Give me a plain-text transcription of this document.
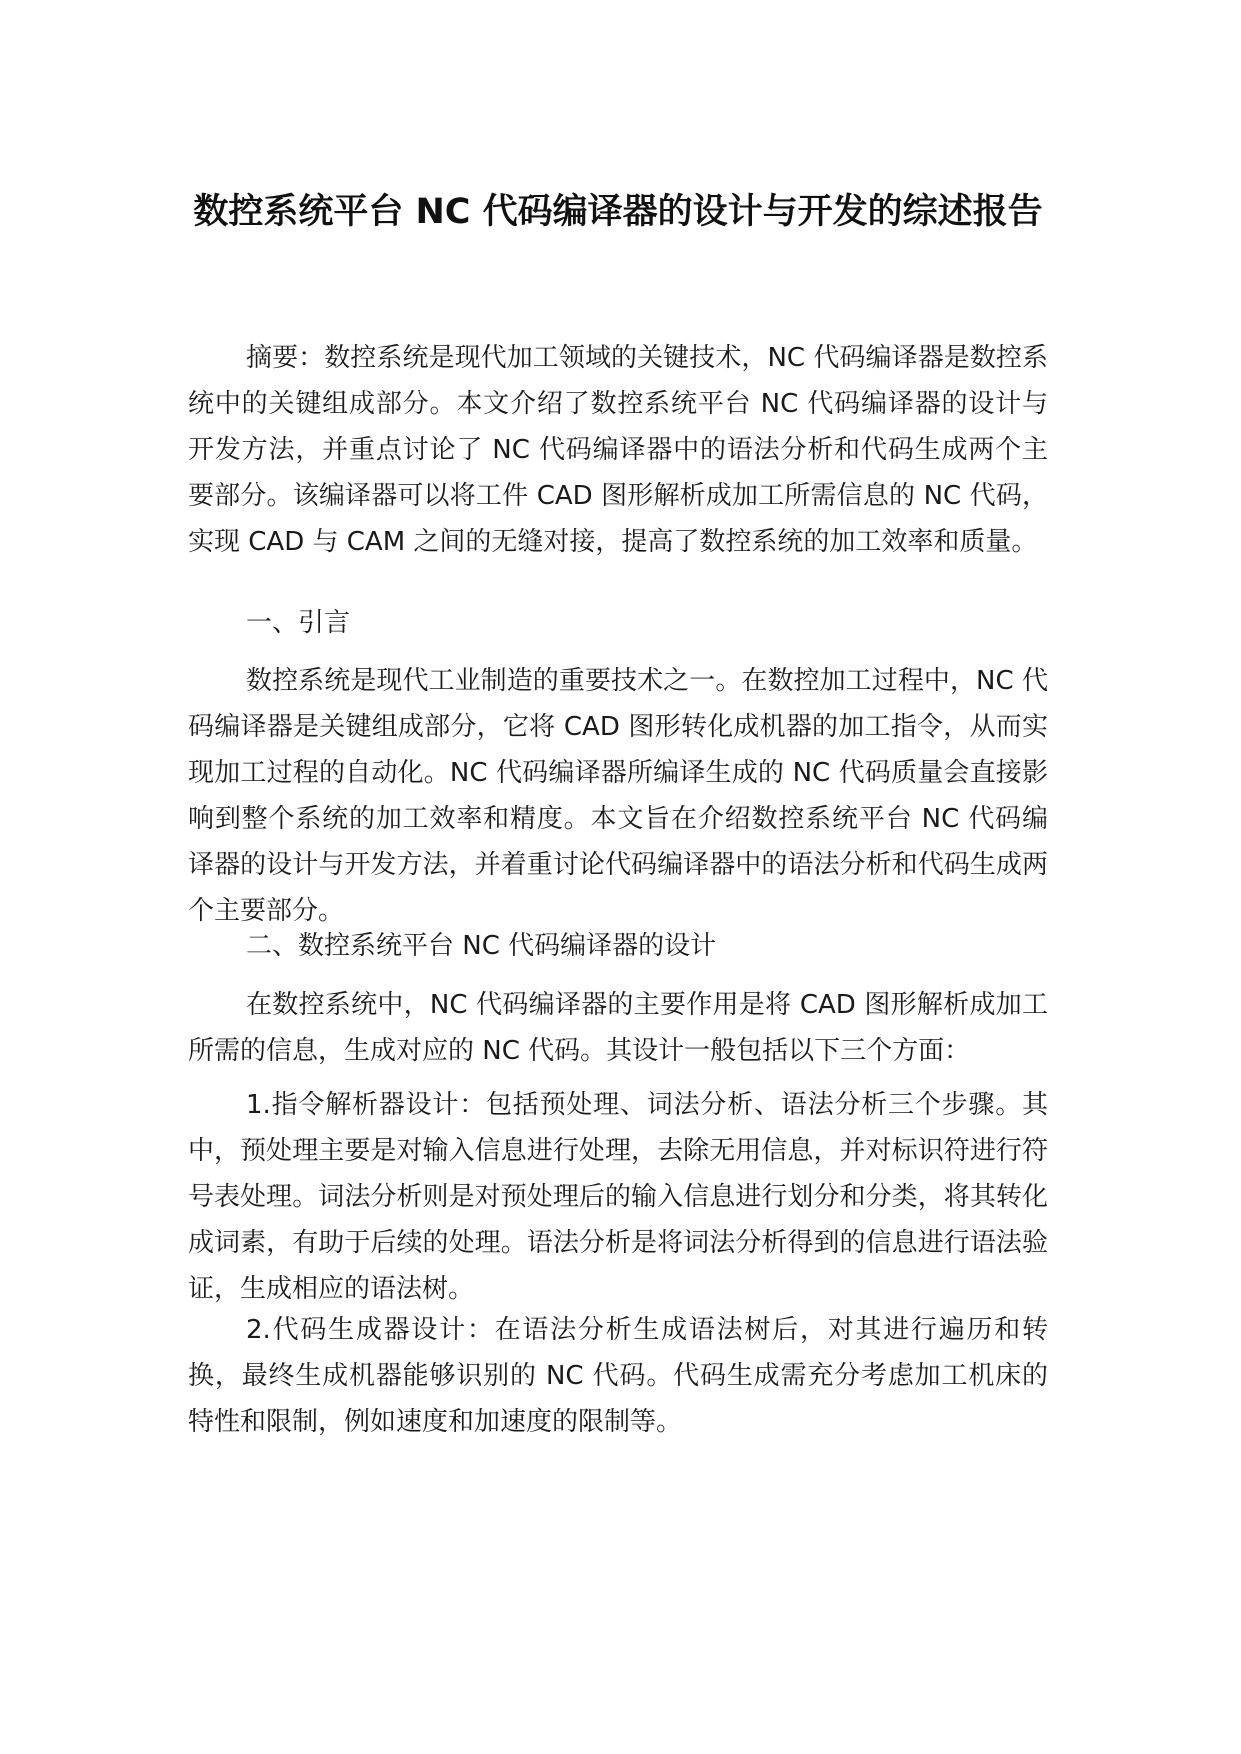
数控系统平台 NC 代码编译器的设计与开发的综述报告

摘要：数控系统是现代加工领域的关键技术，NC 代码编译器是数控系统中的关键组成部分。本文介绍了数控系统平台 NC 代码编译器的设计与开发方法，并重点讨论了 NC 代码编译器中的语法分析和代码生成两个主要部分。该编译器可以将工件 CAD 图形解析成加工所需信息的 NC 代码，实现 CAD 与 CAM 之间的无缝对接，提高了数控系统的加工效率和质量。

一、引言

数控系统是现代工业制造的重要技术之一。在数控加工过程中，NC 代码编译器是关键组成部分，它将 CAD 图形转化成机器的加工指令，从而实现加工过程的自动化。NC 代码编译器所编译生成的 NC 代码质量会直接影响到整个系统的加工效率和精度。本文旨在介绍数控系统平台 NC 代码编译器的设计与开发方法，并着重讨论代码编译器中的语法分析和代码生成两个主要部分。

二、数控系统平台 NC 代码编译器的设计

在数控系统中，NC 代码编译器的主要作用是将 CAD 图形解析成加工所需的信息，生成对应的 NC 代码。其设计一般包括以下三个方面：

1.指令解析器设计：包括预处理、词法分析、语法分析三个步骤。其中，预处理主要是对输入信息进行处理，去除无用信息，并对标识符进行符号表处理。词法分析则是对预处理后的输入信息进行划分和分类，将其转化成词素，有助于后续的处理。语法分析是将词法分析得到的信息进行语法验证，生成相应的语法树。

2.代码生成器设计：在语法分析生成语法树后，对其进行遍历和转换，最终生成机器能够识别的 NC 代码。代码生成需充分考虑加工机床的特性和限制，例如速度和加速度的限制等。
